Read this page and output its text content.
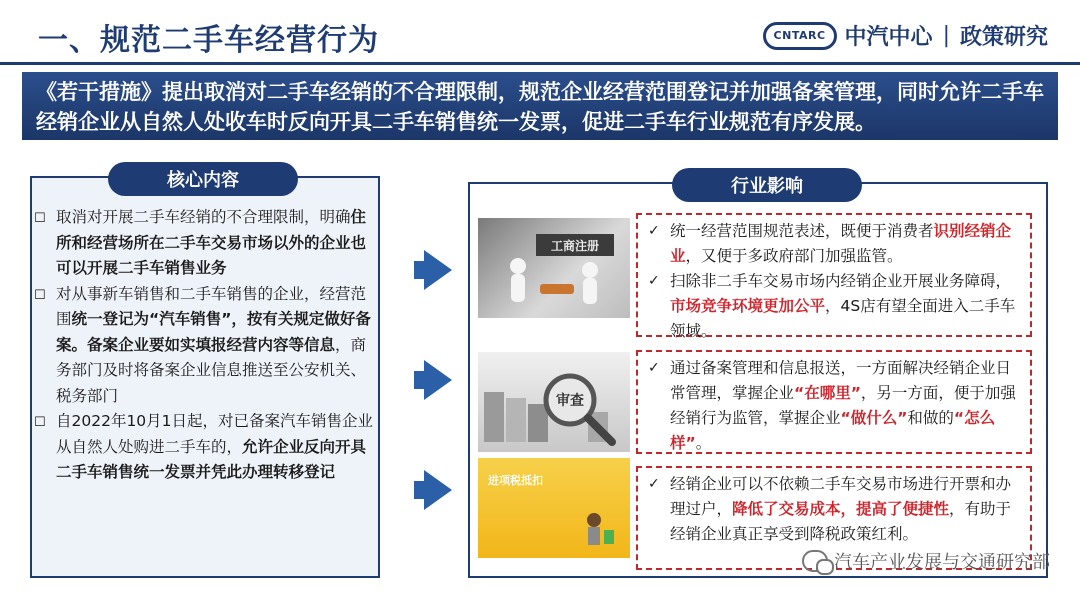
一、规范二手车经营行为	CNTARC 中汽中心 | 政策研究
《若干措施》提出取消对二手车经销的不合理限制，规范企业经营范围登记并加强备案管理，同时允许二手车经销企业从自然人处收车时反向开具二手车销售统一发票，促进二手车行业规范有序发展。
核心内容
☐ 取消对开展二手车经销的不合理限制，明确住所和经营场所在二手车交易市场以外的企业也可以开展二手车销售业务
☐ 对从事新车销售和二手车销售的企业，经营范围统一登记为“汽车销售”，按有关规定做好备案。备案企业要如实填报经营内容等信息，商务部门及时将备案企业信息推送至公安机关、税务部门
☐ 自2022年10月1日起，对已备案汽车销售企业从自然人处购进二手车的，允许企业反向开具二手车销售统一发票并凭此办理转移登记
行业影响
工商注册
审查
进项税抵扣
✓ 统一经营范围规范表述，既便于消费者识别经销企业，又便于多政府部门加强监管。
✓ 扫除非二手车交易市场内经销企业开展业务障碍，市场竞争环境更加公平，4S店有望全面进入二手车领域。
✓ 通过备案管理和信息报送，一方面解决经销企业日常管理，掌握企业“在哪里”，另一方面，便于加强经销行为监管，掌握企业“做什么”和做的“怎么样”。
✓ 经销企业可以不依赖二手车交易市场进行开票和办理过户，降低了交易成本，提高了便捷性，有助于经销企业真正享受到降税政策红利。
汽车产业发展与交通研究部
